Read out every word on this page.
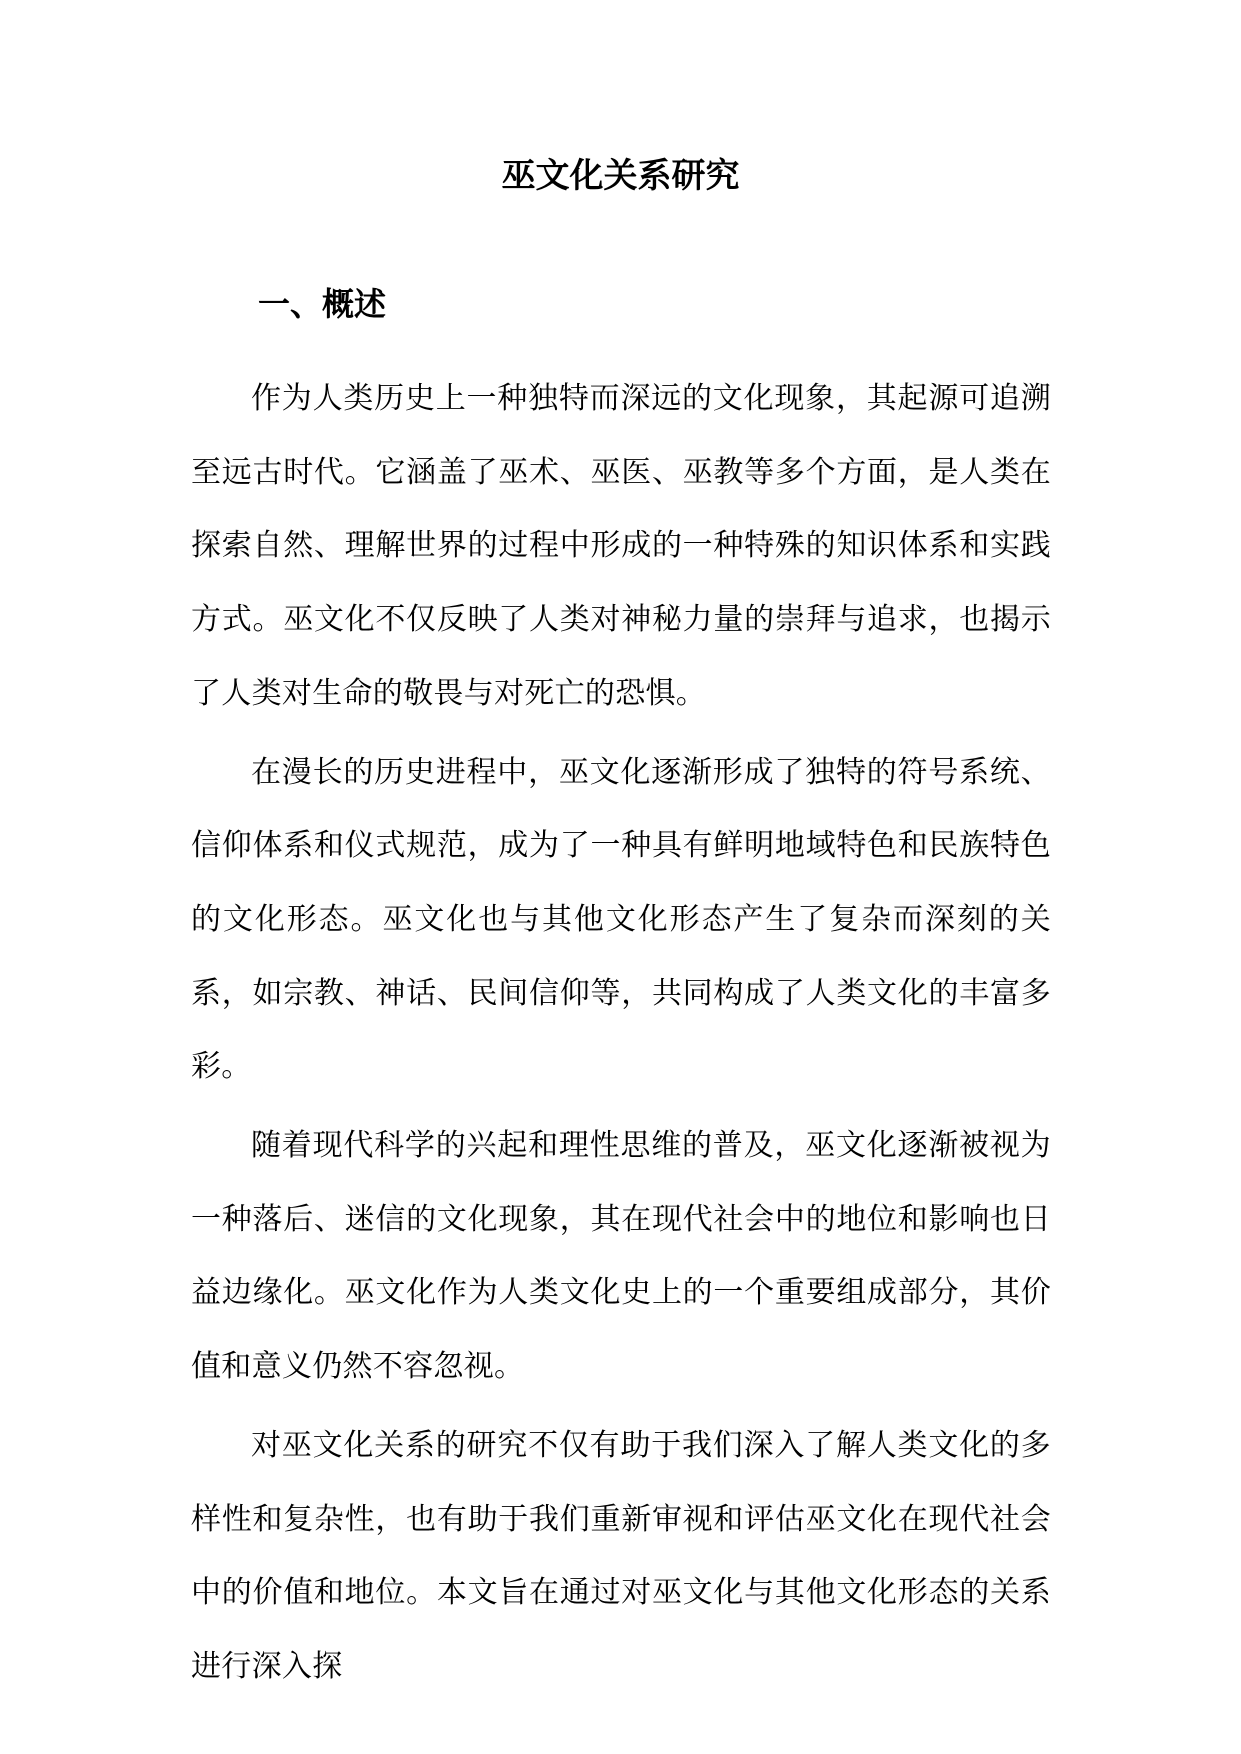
巫文化关系研究
一、概述

作为人类历史上一种独特而深远的文化现象，其起源可追溯至远古时代。它涵盖了巫术、巫医、巫教等多个方面，是人类在探索自然、理解世界的过程中形成的一种特殊的知识体系和实践方式。巫文化不仅反映了人类对神秘力量的崇拜与追求，也揭示了人类对生命的敬畏与对死亡的恐惧。

在漫长的历史进程中，巫文化逐渐形成了独特的符号系统、信仰体系和仪式规范，成为了一种具有鲜明地域特色和民族特色的文化形态。巫文化也与其他文化形态产生了复杂而深刻的关系，如宗教、神话、民间信仰等，共同构成了人类文化的丰富多彩。

随着现代科学的兴起和理性思维的普及，巫文化逐渐被视为一种落后、迷信的文化现象，其在现代社会中的地位和影响也日益边缘化。巫文化作为人类文化史上的一个重要组成部分，其价值和意义仍然不容忽视。

对巫文化关系的研究不仅有助于我们深入了解人类文化的多样性和复杂性，也有助于我们重新审视和评估巫文化在现代社会中的价值和地位。本文旨在通过对巫文化与其他文化形态的关系进行深入探
